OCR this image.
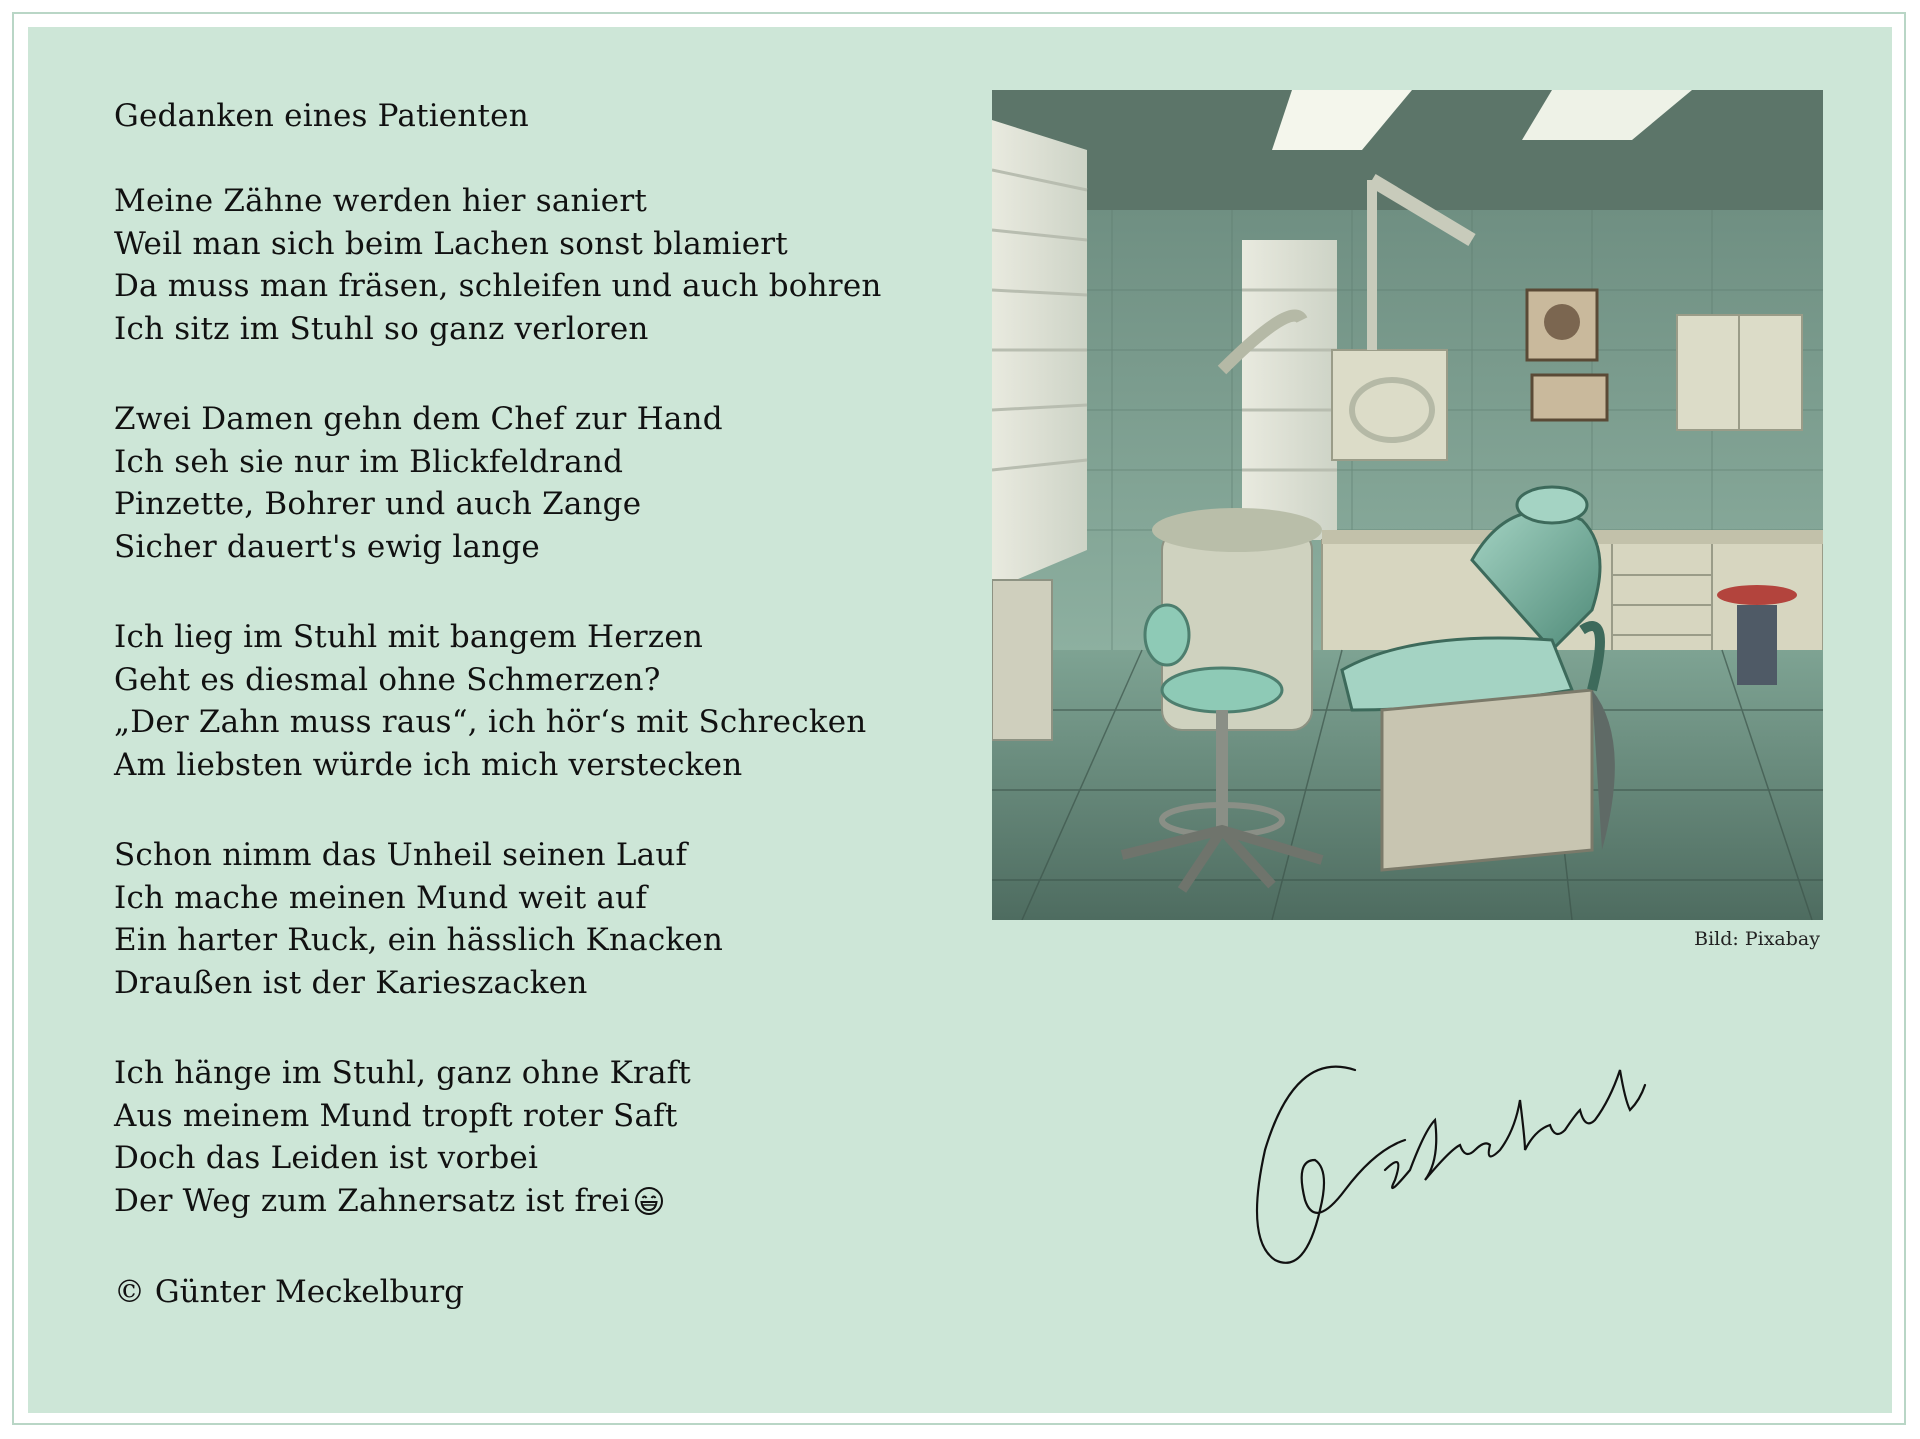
Gedanken eines Patienten
Meine Zähne werden hier saniert
Weil man sich beim Lachen sonst blamiert
Da muss man fräsen, schleifen und auch bohren
Ich sitz im Stuhl so ganz verloren
Zwei Damen gehn dem Chef zur Hand
Ich seh sie nur im Blickfeldrand
Pinzette, Bohrer und auch Zange
Sicher dauert's ewig lange
Ich lieg im Stuhl mit bangem Herzen
Geht es diesmal ohne Schmerzen?
„Der Zahn muss raus“, ich hör‘s mit Schrecken
Am liebsten würde ich mich verstecken
Schon nimm das Unheil seinen Lauf
Ich mache meinen Mund weit auf
Ein harter Ruck, ein hässlich Knacken
Draußen ist der Karieszacken
Ich hänge im Stuhl, ganz ohne Kraft
Aus meinem Mund tropft roter Saft
Doch das Leiden ist vorbei
Der Weg zum Zahnersatz ist frei
© Günter Meckelburg
Bild: Pixabay
